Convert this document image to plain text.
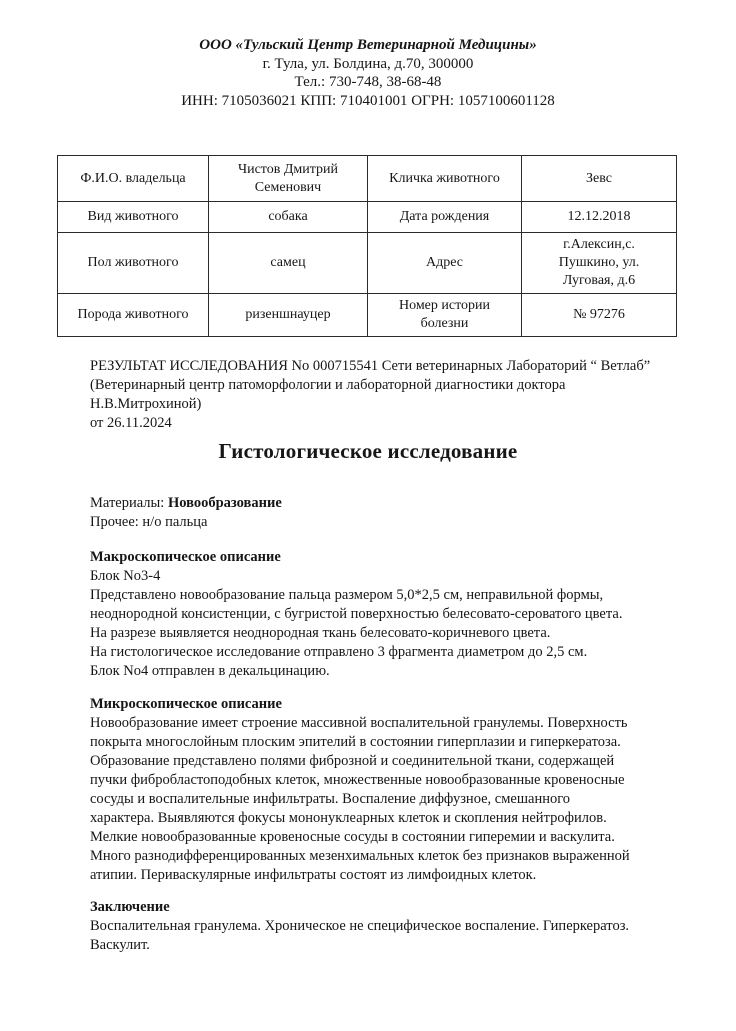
ООО «Тульский Центр Ветеринарной Медицины»
г. Тула, ул. Болдина, д.70, 300000
Тел.: 730-748, 38-68-48
ИНН: 7105036021 КПП: 710401001 ОГРН: 1057100601128
Ф.И.О. владельца	Чистов Дмитрий Семенович	Кличка животного	Зевс
Вид животного	собака	Дата рождения	12.12.2018
Пол животного	самец	Адрес	г.Алексин,с. Пушкино, ул. Луговая, д.6
Порода животного	ризеншнауцер	Номер истории болезни	№ 97276
РЕЗУЛЬТАТ ИССЛЕДОВАНИЯ No 000715541 Сети ветеринарных Лабораторий “ Ветлаб”
(Ветеринарный центр патоморфологии и лабораторной диагностики доктора Н.В.Митрохиной)
от 26.11.2024
Гистологическое исследование
Материалы: Новообразование
Прочее: н/о пальца
Макроскопическое описание
Блок No3-4
Представлено новообразование пальца размером 5,0*2,5 см, неправильной формы,
неоднородной консистенции, с бугристой поверхностью белесовато-сероватого цвета.
На разрезе выявляется неоднородная ткань белесовато-коричневого цвета.
На гистологическое исследование отправлено 3 фрагмента диаметром до 2,5 см.
Блок No4 отправлен в декальцинацию.
Микроскопическое описание
Новообразование имеет строение массивной воспалительной гранулемы. Поверхность
покрыта многослойным плоским эпителий в состоянии гиперплазии и гиперкератоза.
Образование представлено полями фиброзной и соединительной ткани, содержащей
пучки фибробластоподобных клеток, множественные новообразованные кровеносные
сосуды и воспалительные инфильтраты. Воспаление диффузное, смешанного
характера. Выявляются фокусы мононуклеарных клеток и скопления нейтрофилов.
Мелкие новообразованные кровеносные сосуды в состоянии гиперемии и васкулита.
Много разнодифференцированных мезенхимальных клеток без признаков выраженной
атипии. Периваскулярные инфильтраты состоят из лимфоидных клеток.
Заключение
Воспалительная гранулема. Хроническое не специфическое воспаление. Гиперкератоз.
Васкулит.
